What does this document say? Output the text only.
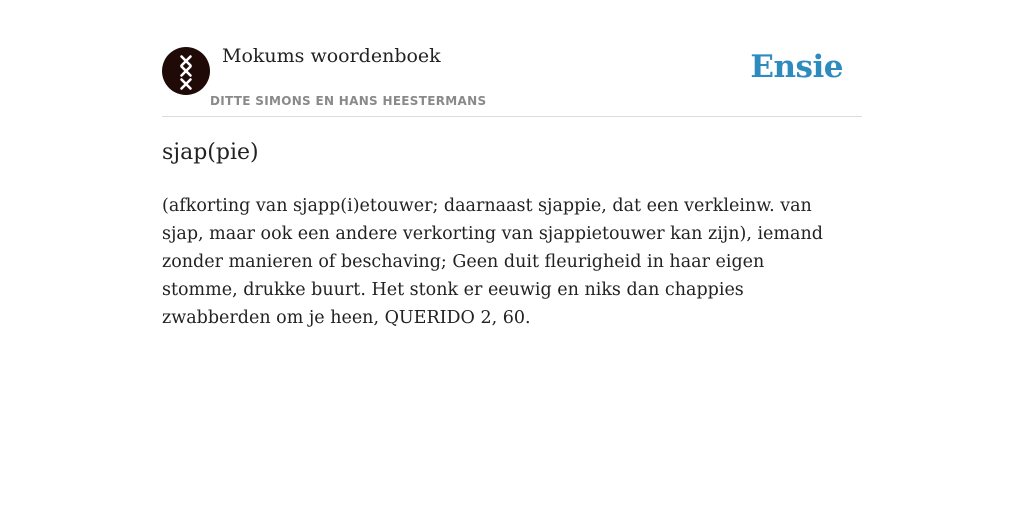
Mokums woordenboek
DITTE SIMONS EN HANS HEESTERMANS
Ensie
sjap(pie)

(afkorting van sjapp(i)etouwer; daarnaast sjappie, dat een verkleinw. van sjap, maar ook een andere verkorting van sjappietouwer kan zijn), iemand zonder manieren of beschaving; Geen duit fleurigheid in haar eigen stomme, drukke buurt. Het stonk er eeuwig en niks dan chappies zwabberden om je heen, QUERIDO 2, 60.
